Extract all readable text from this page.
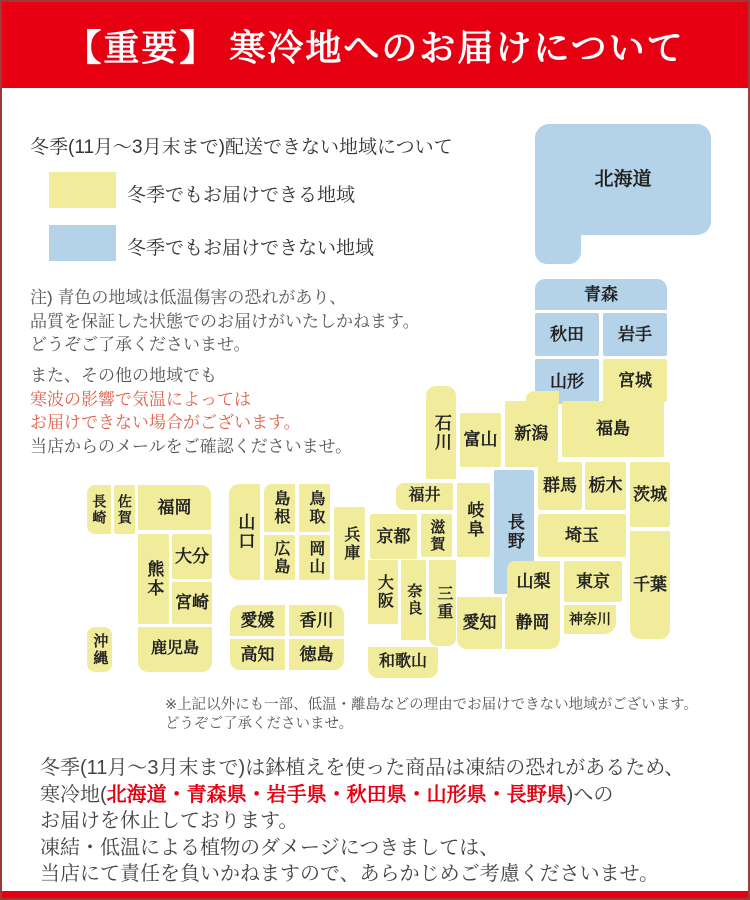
【重要】 寒冷地へのお届けについて
冬季(11月～3月末まで)配送できない地域について
冬季でもお届けできる地域
冬季でもお届けできない地域
注) 青色の地域は低温傷害の恐れがあり、
品質を保証した状態でのお届けがいたしかねます。
どうぞご了承くださいませ。
また、その他の地域でも
寒波の影響で気温によっては
お届けできない場合がございます。
当店からのメールをご確認くださいませ。
北海道
青森
秋田	岩手
山形	宮城
新潟
富山
石川	福島
福井
岐阜	長野
群馬 栃木 茨城
埼玉
京都	滋賀
兵庫
鳥取
岡山
島根
広島
山口
山梨	東京	千葉
神奈川
静岡
愛知
三重
奈良
大阪
和歌山
愛媛	香川
高知	徳島
長崎 佐賀	福岡
熊本
大分
宮崎
鹿児島
沖縄
※上記以外にも一部、低温・離島などの理由でお届けできない地域がございます。
どうぞご了承くださいませ。
冬季(11月～3月末まで)は鉢植えを使った商品は凍結の恐れがあるため、
寒冷地(北海道・青森県・岩手県・秋田県・山形県・長野県)への
お届けを休止しております。
凍結・低温による植物のダメージにつきましては、
当店にて責任を負いかねますので、あらかじめご考慮くださいませ。
